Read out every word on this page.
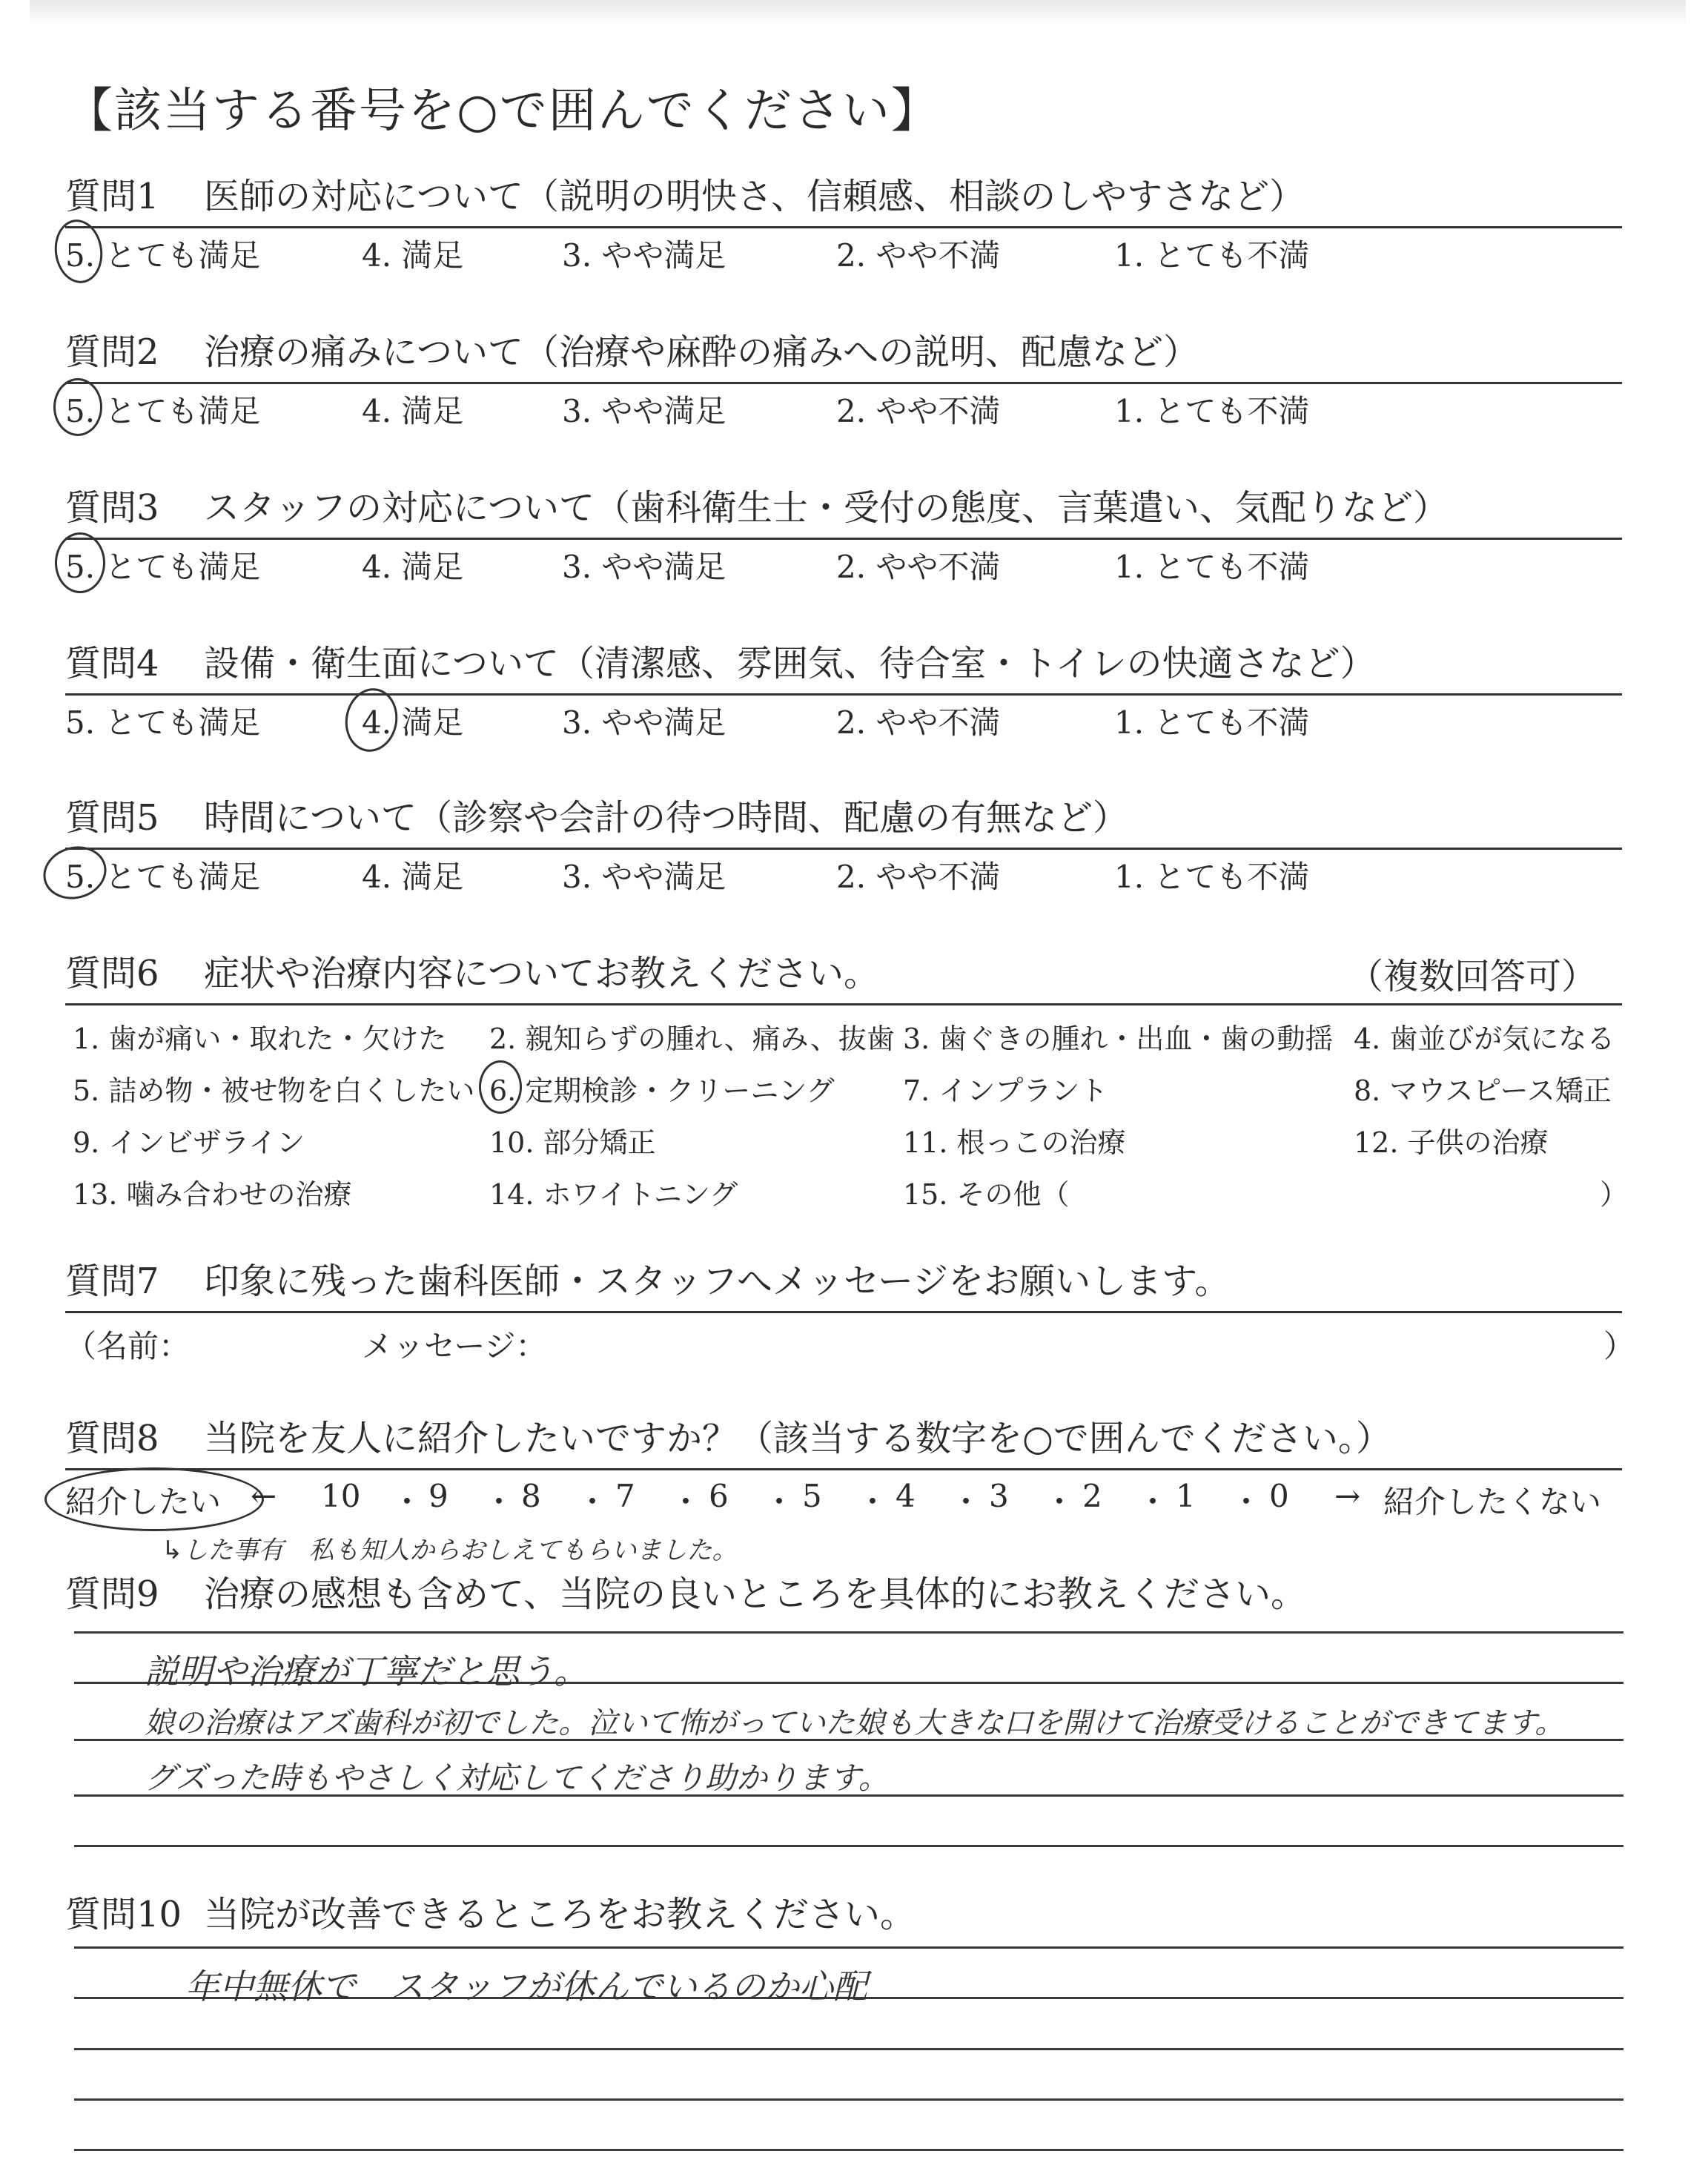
【該当する番号を○で囲んでください】
質問1 医師の対応について（説明の明快さ、信頼感、相談のしやすさなど）
5. とても満足	4. 満足	3. やや満足	2. やや不満	1. とても不満
質問2 治療の痛みについて（治療や麻酔の痛みへの説明、配慮など）
5. とても満足	4. 満足	3. やや満足	2. やや不満	1. とても不満
質問3 スタッフの対応について（歯科衛生士・受付の態度、言葉遣い、気配りなど）
5. とても満足	4. 満足	3. やや満足	2. やや不満	1. とても不満
質問4 設備・衛生面について（清潔感、雰囲気、待合室・トイレの快適さなど）
5. とても満足	4. 満足	3. やや満足	2. やや不満	1. とても不満
質問5 時間について（診察や会計の待つ時間、配慮の有無など）
5. とても満足	4. 満足	3. やや満足	2. やや不満	1. とても不満
質問6 症状や治療内容についてお教えください。	（複数回答可）
1. 歯が痛い・取れた・欠けた 2. 親知らずの腫れ、痛み、抜歯 3. 歯ぐきの腫れ・出血・歯の動揺 4. 歯並びが気になる
5. 詰め物・被せ物を白くしたい 6. 定期検診・クリーニング 7. インプラント	8. マウスピース矯正
9. インビザライン	10. 部分矯正	11. 根っこの治療	12. 子供の治療
13. 噛み合わせの治療	14. ホワイトニング	15. その他（	）
質問7 印象に残った歯科医師・スタッフへメッセージをお願いします。
（名前：	メッセージ：	）
質問8 当院を友人に紹介したいですか？（該当する数字を○で囲んでください。）
紹介したい ← 10 ・ 9 ・ 8 ・ 7 ・ 6 ・ 5 ・ 4 ・ 3 ・ 2 ・ 1 ・ 0 → 紹介したくない
↳した事有　私も知人からおしえてもらいました。
質問9 治療の感想も含めて、当院の良いところを具体的にお教えください。
説明や治療が丁寧だと思う。
娘の治療はアズ歯科が初でした。泣いて怖がっていた娘も大きな口を開けて治療受けることができてます。
グズった時もやさしく対応してくださり助かります。
質問10 当院が改善できるところをお教えください。
年中無休で　スタッフが休んでいるのか心配
